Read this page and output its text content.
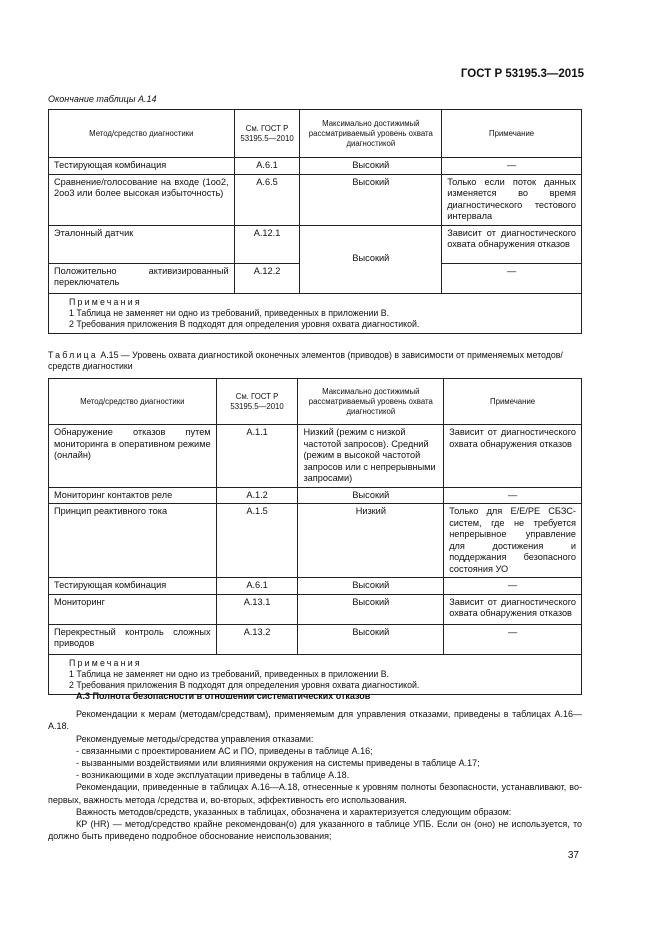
ГОСТ Р 53195.3—2015
Окончание таблицы А.14
Метод/средство диагностики	См. ГОСТ Р 53195.5—2010	Максимально достижимый рассматриваемый уровень охвата диагностикой	Примечание
Тестирующая комбинация	А.6.1	Высокий	—
Сравнение/голосование на входе (1oo2, 2oo3 или более высокая избыточность)	А.6.5	Высокий	Только если поток данных изменяется во время диагностического тестового интервала
Эталонный датчик	А.12.1	Высокий	Зависит от диагностического охвата обнаружения отказов
Положительно активизированный переключатель	А.12.2		—

Примечания
1 Таблица не заменяет ни одно из требований, приведенных в приложении В.
2 Требования приложения В подходят для определения уровня охвата диагностикой.			
Таблица А.15 — Уровень охвата диагностикой оконечных элементов (приводов) в зависимости от применяемых методов/средств диагностики
Метод/средство диагностики	См. ГОСТ Р 53195.5—2010	Максимально достижимый рассматриваемый уровень охвата диагностикой	Примечание
Обнаружение отказов путем мониторинга в оперативном режиме (онлайн)	А.1.1	Низкий (режим с низкой частотой запросов). Средний (режим в высокой частотой запросов или с непрерывными запросами)	Зависит от диагностического охвата обнаружения отказов
Мониторинг контактов реле	А.1.2	Высокий	—
Принцип реактивного тока	А.1.5	Низкий	Только для E/E/PE СБЗС-систем, где не требуется непрерывное управление для достижения и поддержания безопасного состояния УО
Тестирующая комбинация	А.6.1	Высокий	—
Мониторинг	А.13.1	Высокий	Зависит от диагностического охвата обнаружения отказов
Перекрестный контроль сложных приводов	А.13.2	Высокий	—

Примечания
1 Таблица не заменяет ни одно из требований, приведенных в приложении В.
2 Требования приложения В подходят для определения уровня охвата диагностикой.			
А.3 Полнота безопасности в отношении систематических отказов
Рекомендации к мерам (методам/средствам), применяемым для управления отказами, приведены в таблицах А.16—А.18.
Рекомендуемые методы/средства управления отказами:
- связанными с проектированием АС и ПО, приведены в таблице А.16;
- вызванными воздействиями или влияниями окружения на системы приведены в таблице А.17;
- возникающими в ходе эксплуатации приведены в таблице А.18.
Рекомендации, приведенные в таблицах А.16—А.18, отнесенные к уровням полноты безопасности, устанавливают, во-первых, важность метода /средства и, во-вторых, эффективность его использования.
Важность методов/средств, указанных в таблицах, обозначена и характеризуется следующим образом:
КР (HR) — метод/средство крайне рекомендован(о) для указанного в таблице УПБ. Если он (оно) не используется, то должно быть приведено подробное обоснование неиспользования;
37
